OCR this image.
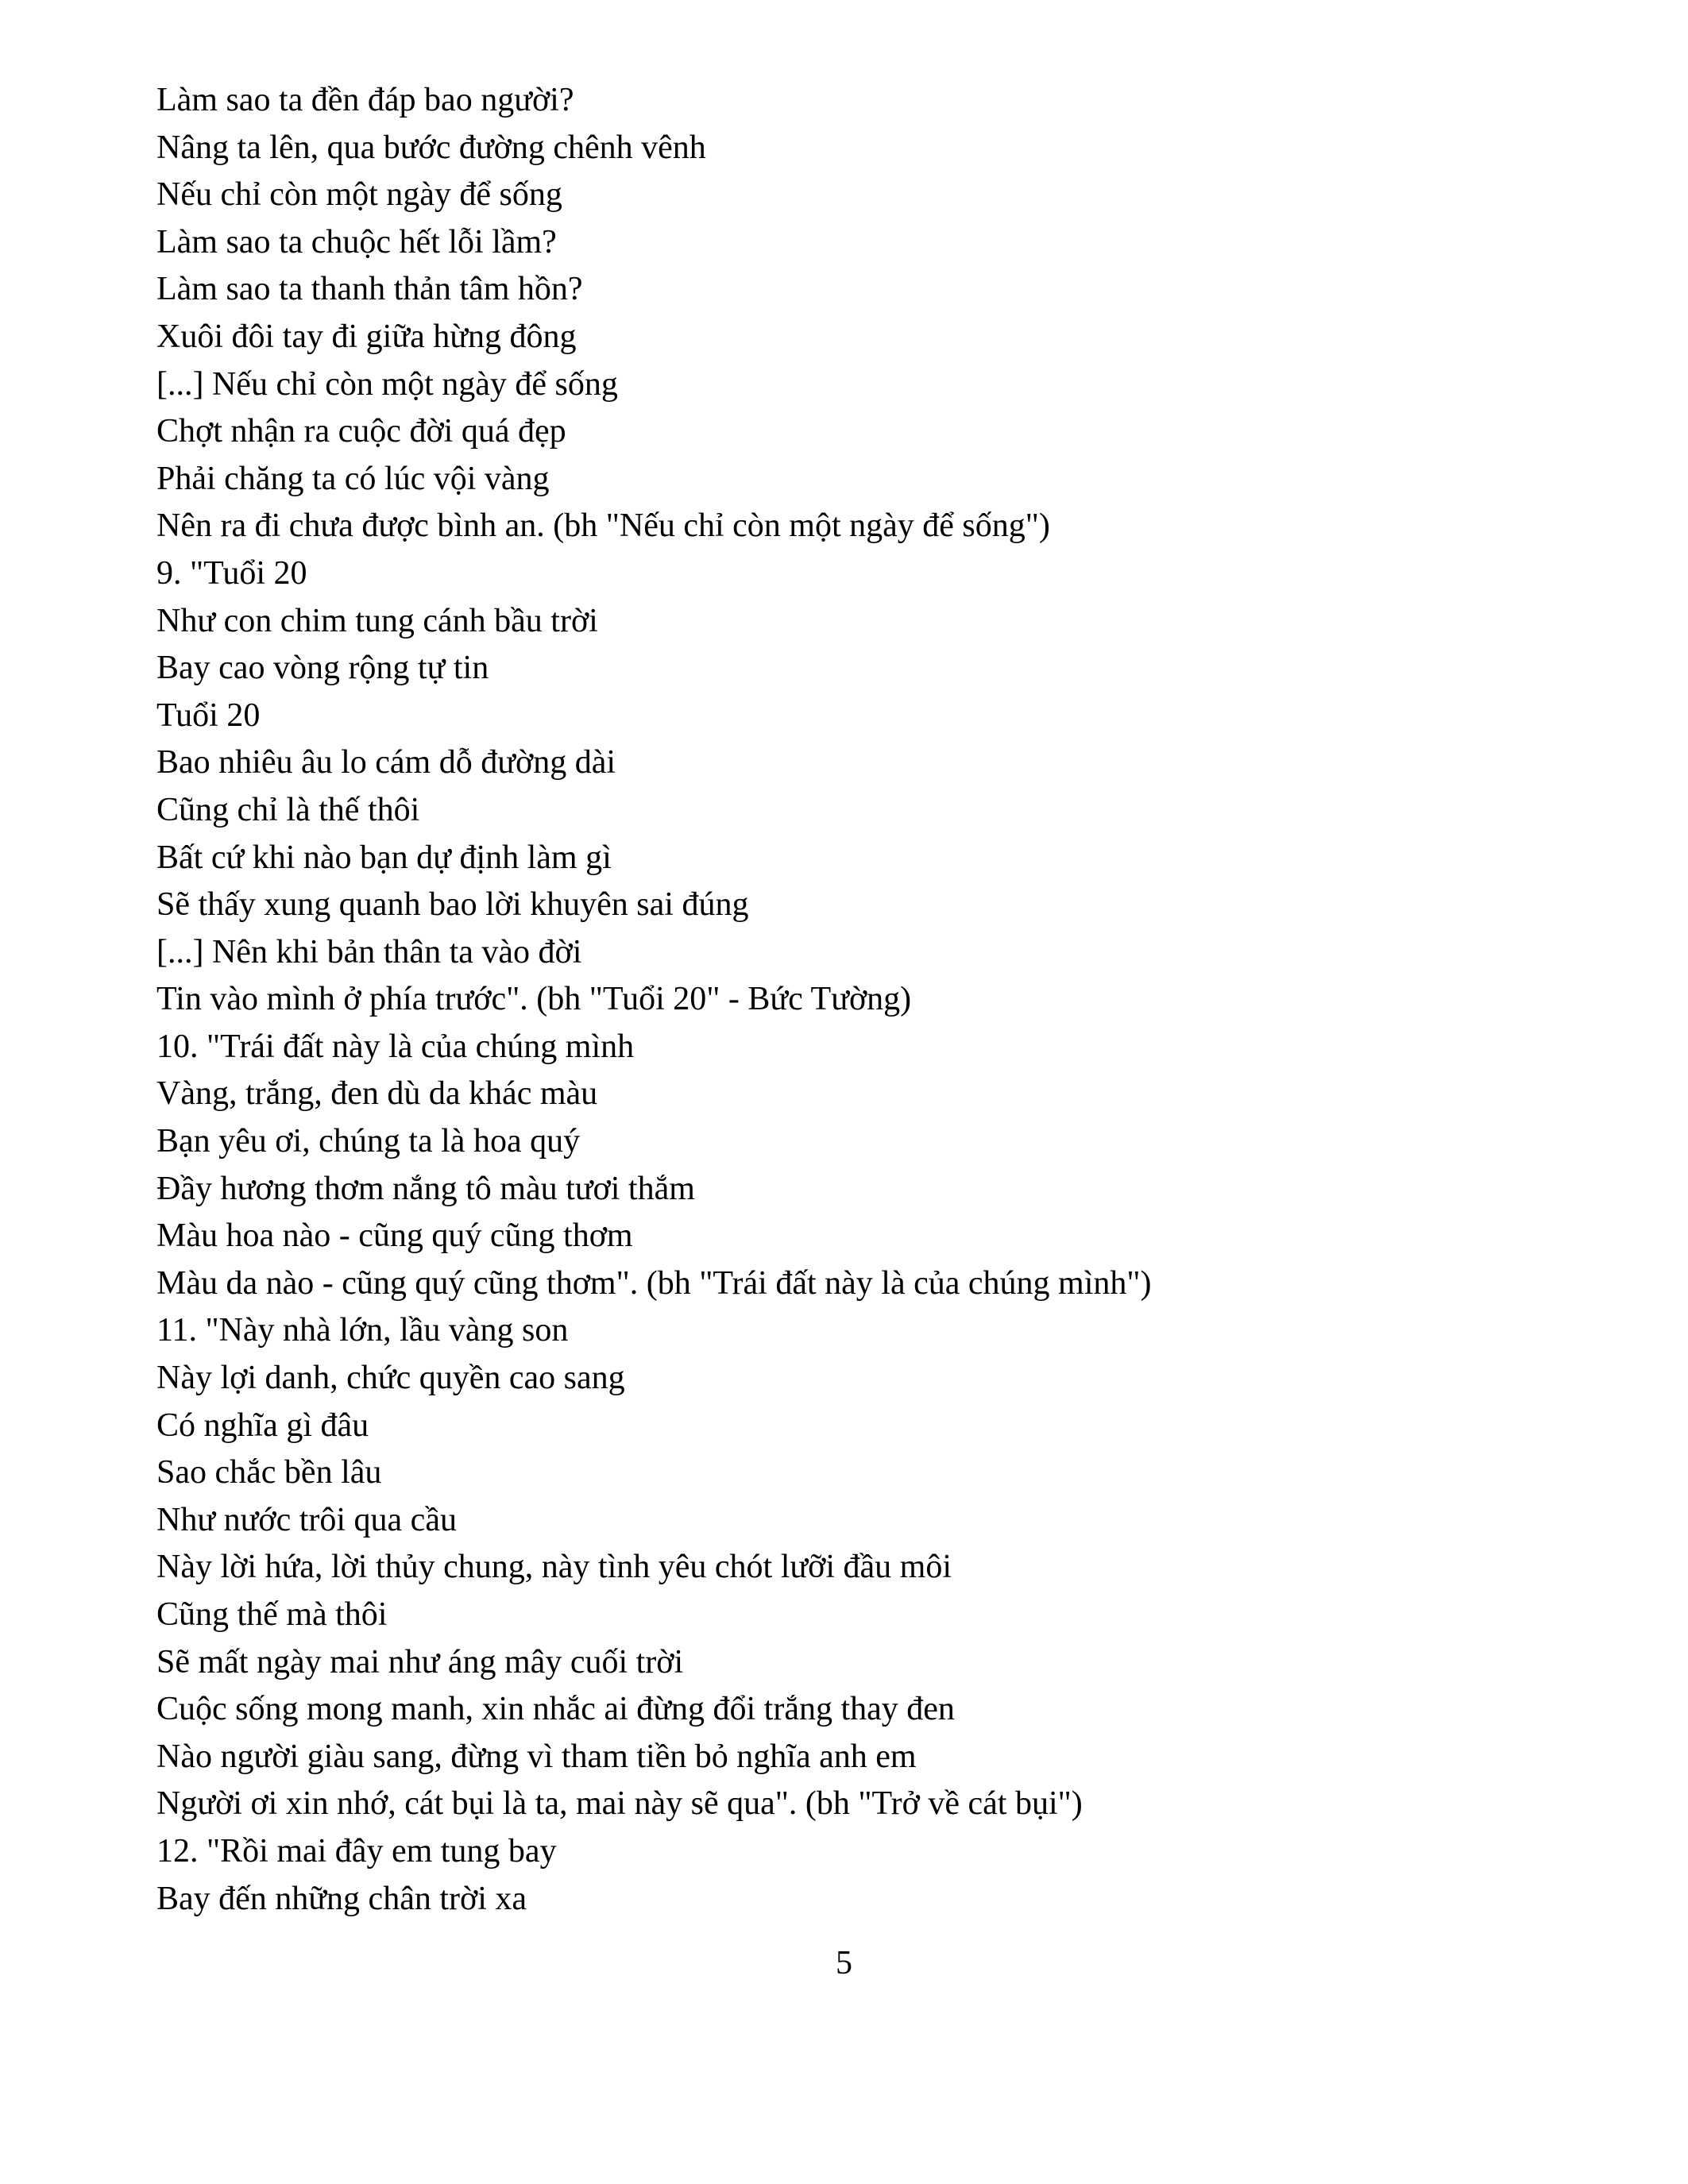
Làm sao ta đền đáp bao người?

Nâng ta lên, qua bước đường chênh vênh

Nếu chỉ còn một ngày để sống

Làm sao ta chuộc hết lỗi lầm?

Làm sao ta thanh thản tâm hồn?

Xuôi đôi tay đi giữa hừng đông

[...] Nếu chỉ còn một ngày để sống

Chợt nhận ra cuộc đời quá đẹp

Phải chăng ta có lúc vội vàng

Nên ra đi chưa được bình an. (bh "Nếu chỉ còn một ngày để sống")

9. "Tuổi 20

Như con chim tung cánh bầu trời

Bay cao vòng rộng tự tin

Tuổi 20

Bao nhiêu âu lo cám dỗ đường dài

Cũng chỉ là thế thôi

Bất cứ khi nào bạn dự định làm gì

Sẽ thấy xung quanh bao lời khuyên sai đúng

[...] Nên khi bản thân ta vào đời

Tin vào mình ở phía trước". (bh "Tuổi 20" - Bức Tường)

10. "Trái đất này là của chúng mình

Vàng, trắng, đen dù da khác màu

Bạn yêu ơi, chúng ta là hoa quý

Đầy hương thơm nắng tô màu tươi thắm

Màu hoa nào - cũng quý cũng thơm

Màu da nào - cũng quý cũng thơm". (bh "Trái đất này là của chúng mình")

11. "Này nhà lớn, lầu vàng son

Này lợi danh, chức quyền cao sang

Có nghĩa gì đâu

Sao chắc bền lâu

Như nước trôi qua cầu

Này lời hứa, lời thủy chung, này tình yêu chót lưỡi đầu môi

Cũng thế mà thôi

Sẽ mất ngày mai như áng mây cuối trời

Cuộc sống mong manh, xin nhắc ai đừng đổi trắng thay đen

Nào người giàu sang, đừng vì tham tiền bỏ nghĩa anh em

Người ơi xin nhớ, cát bụi là ta, mai này sẽ qua". (bh "Trở về cát bụi")

12. "Rồi mai đây em tung bay

Bay đến những chân trời xa

5
